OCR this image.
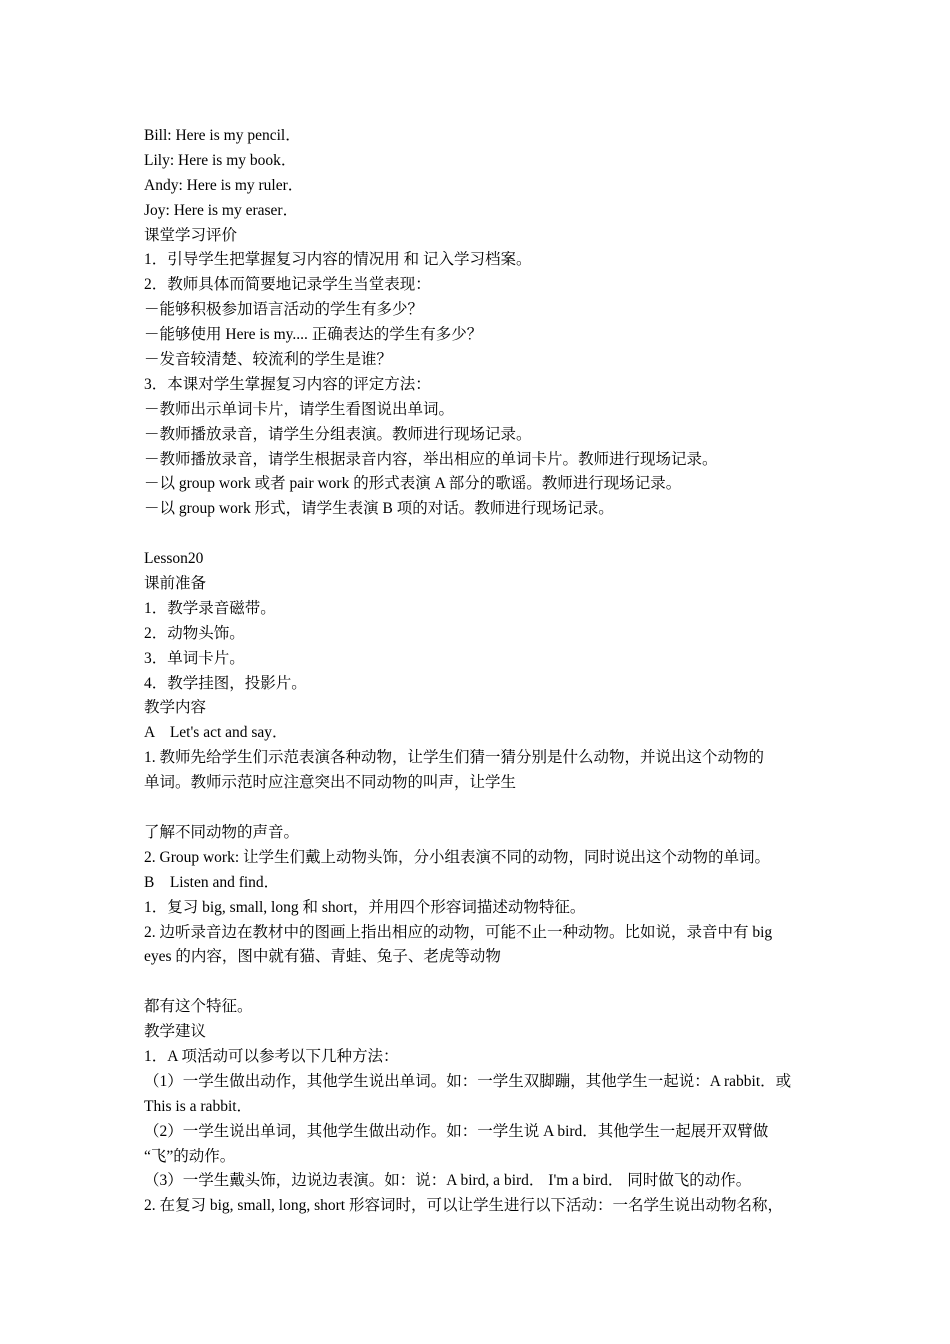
Bill: Here is my pencil．
Lily: Here is my book．
Andy: Here is my ruler．
Joy: Here is my eraser．
课堂学习评价
1．引导学生把掌握复习内容的情况用 和 记入学习档案。
2．教师具体而简要地记录学生当堂表现：
－能够积极参加语言活动的学生有多少？
－能够使用 Here is my.... 正确表达的学生有多少？
－发音较清楚、较流利的学生是谁？
3．本课对学生掌握复习内容的评定方法：
－教师出示单词卡片，请学生看图说出单词。
－教师播放录音，请学生分组表演。教师进行现场记录。
－教师播放录音，请学生根据录音内容，举出相应的单词卡片。教师进行现场记录。
－以 group work 或者 pair work 的形式表演 A 部分的歌谣。教师进行现场记录。
－以 group work 形式，请学生表演 B 项的对话。教师进行现场记录。
Lesson20
课前准备
1．教学录音磁带。
2．动物头饰。
3．单词卡片。
4．教学挂图，投影片。
教学内容
A　Let's act and say．
1. 教师先给学生们示范表演各种动物，让学生们猜一猜分别是什么动物，并说出这个动物的
单词。教师示范时应注意突出不同动物的叫声，让学生
了解不同动物的声音。
2. Group work: 让学生们戴上动物头饰，分小组表演不同的动物，同时说出这个动物的单词。
B　Listen and find．
1．复习 big, small, long 和 short，并用四个形容词描述动物特征。
2. 边听录音边在教材中的图画上指出相应的动物，可能不止一种动物。比如说，录音中有 big
eyes 的内容，图中就有猫、青蛙、兔子、老虎等动物
都有这个特征。
教学建议
1．A 项活动可以参考以下几种方法：
（1）一学生做出动作，其他学生说出单词。如：一学生双脚蹦，其他学生一起说：A rabbit．或
This is a rabbit．
（2）一学生说出单词，其他学生做出动作。如：一学生说 A bird．其他学生一起展开双臂做
“飞”的动作。
（3）一学生戴头饰，边说边表演。如：说：A bird, a bird． I'm a bird． 同时做飞的动作。
2. 在复习 big, small, long, short 形容词时，可以让学生进行以下活动：一名学生说出动物名称，
